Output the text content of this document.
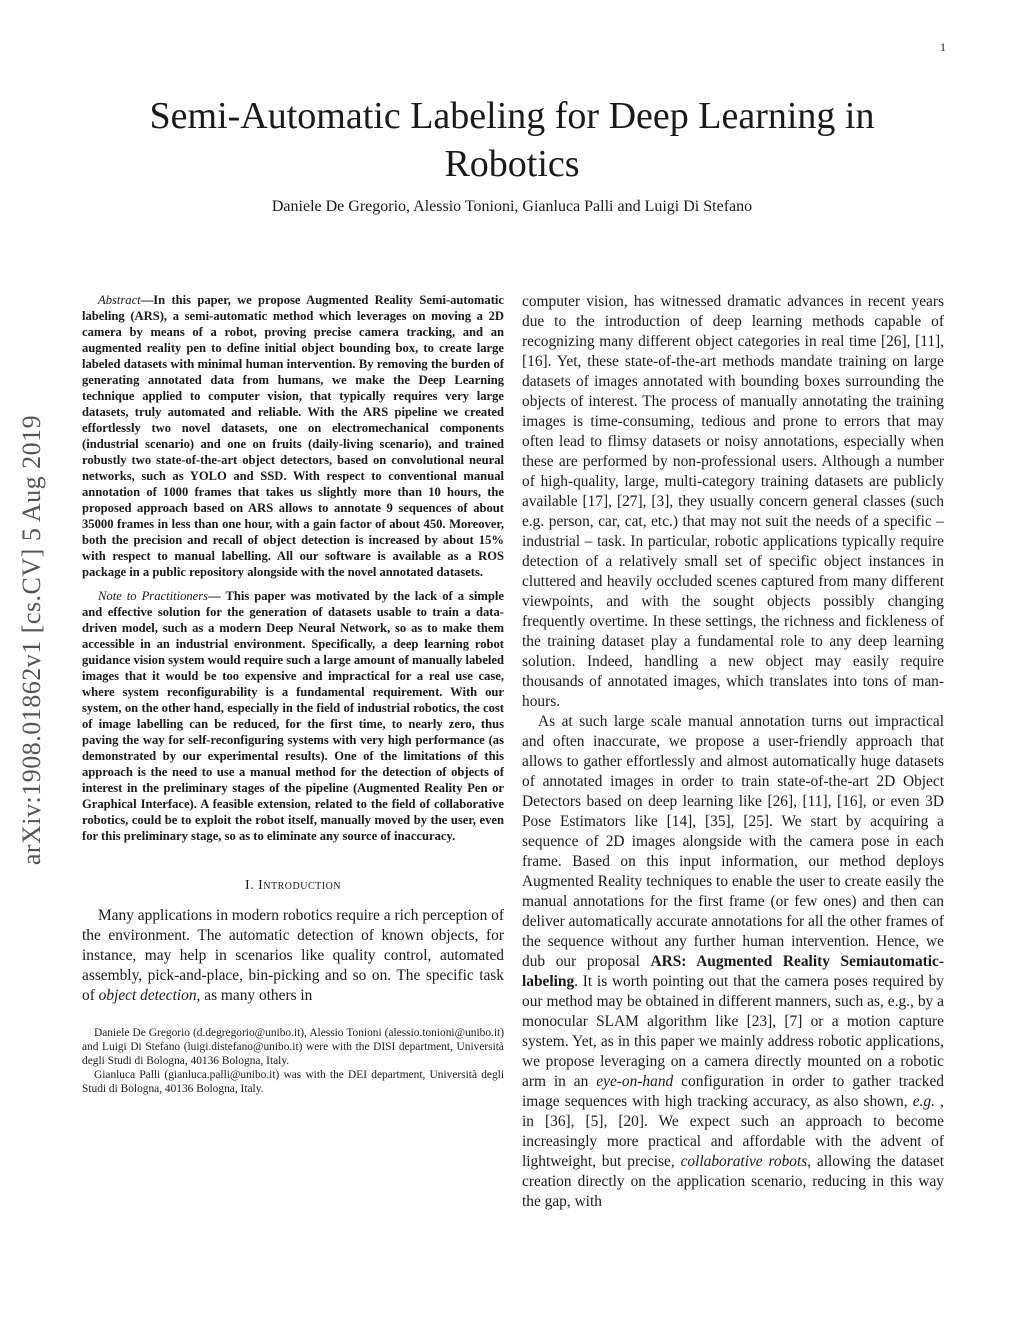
1
Semi-Automatic Labeling for Deep Learning in Robotics

Daniele De Gregorio, Alessio Tonioni, Gianluca Palli and Luigi Di Stefano

arXiv:1908.01862v1 [cs.CV] 5 Aug 2019

Abstract—In this paper, we propose Augmented Reality Semi-automatic labeling (ARS), a semi-automatic method which leverages on moving a 2D camera by means of a robot, proving precise camera tracking, and an augmented reality pen to define initial object bounding box, to create large labeled datasets with minimal human intervention. By removing the burden of generating annotated data from humans, we make the Deep Learning technique applied to computer vision, that typically requires very large datasets, truly automated and reliable. With the ARS pipeline we created effortlessly two novel datasets, one on electromechanical components (industrial scenario) and one on fruits (daily-living scenario), and trained robustly two state-of-the-art object detectors, based on convolutional neural networks, such as YOLO and SSD. With respect to conventional manual annotation of 1000 frames that takes us slightly more than 10 hours, the proposed approach based on ARS allows to annotate 9 sequences of about 35000 frames in less than one hour, with a gain factor of about 450. Moreover, both the precision and recall of object detection is increased by about 15% with respect to manual labelling. All our software is available as a ROS package in a public repository alongside with the novel annotated datasets.

Note to Practitioners— This paper was motivated by the lack of a simple and effective solution for the generation of datasets usable to train a data-driven model, such as a modern Deep Neural Network, so as to make them accessible in an industrial environment. Specifically, a deep learning robot guidance vision system would require such a large amount of manually labeled images that it would be too expensive and impractical for a real use case, where system reconfigurability is a fundamental requirement. With our system, on the other hand, especially in the field of industrial robotics, the cost of image labelling can be reduced, for the first time, to nearly zero, thus paving the way for self-reconfiguring systems with very high performance (as demonstrated by our experimental results). One of the limitations of this approach is the need to use a manual method for the detection of objects of interest in the preliminary stages of the pipeline (Augmented Reality Pen or Graphical Interface). A feasible extension, related to the field of collaborative robotics, could be to exploit the robot itself, manually moved by the user, even for this preliminary stage, so as to eliminate any source of inaccuracy.

I. Introduction

Many applications in modern robotics require a rich perception of the environment. The automatic detection of known objects, for instance, may help in scenarios like quality control, automated assembly, pick-and-place, bin-picking and so on. The specific task of object detection, as many others in

Daniele De Gregorio (d.degregorio@unibo.it), Alessio Tonioni (alessio.tonioni@unibo.it) and Luigi Di Stefano (luigi.distefano@unibo.it) were with the DISI department, Università degli Studi di Bologna, 40136 Bologna, Italy.

Gianluca Palli (gianluca.palli@unibo.it) was with the DEI department, Università degli Studi di Bologna, 40136 Bologna, Italy.

computer vision, has witnessed dramatic advances in recent years due to the introduction of deep learning methods capable of recognizing many different object categories in real time [26], [11], [16]. Yet, these state-of-the-art methods mandate training on large datasets of images annotated with bounding boxes surrounding the objects of interest. The process of manually annotating the training images is time-consuming, tedious and prone to errors that may often lead to flimsy datasets or noisy annotations, especially when these are performed by non-professional users. Although a number of high-quality, large, multi-category training datasets are publicly available [17], [27], [3], they usually concern general classes (such e.g. person, car, cat, etc.) that may not suit the needs of a specific – industrial – task. In particular, robotic applications typically require detection of a relatively small set of specific object instances in cluttered and heavily occluded scenes captured from many different viewpoints, and with the sought objects possibly changing frequently overtime. In these settings, the richness and fickleness of the training dataset play a fundamental role to any deep learning solution. Indeed, handling a new object may easily require thousands of annotated images, which translates into tons of man-hours.

As at such large scale manual annotation turns out impractical and often inaccurate, we propose a user-friendly approach that allows to gather effortlessly and almost automatically huge datasets of annotated images in order to train state-of-the-art 2D Object Detectors based on deep learning like [26], [11], [16], or even 3D Pose Estimators like [14], [35], [25]. We start by acquiring a sequence of 2D images alongside with the camera pose in each frame. Based on this input information, our method deploys Augmented Reality techniques to enable the user to create easily the manual annotations for the first frame (or few ones) and then can deliver automatically accurate annotations for all the other frames of the sequence without any further human intervention. Hence, we dub our proposal ARS: Augmented Reality Semiautomatic-labeling. It is worth pointing out that the camera poses required by our method may be obtained in different manners, such as, e.g., by a monocular SLAM algorithm like [23], [7] or a motion capture system. Yet, as in this paper we mainly address robotic applications, we propose leveraging on a camera directly mounted on a robotic arm in an eye-on-hand configuration in order to gather tracked image sequences with high tracking accuracy, as also shown, e.g. , in [36], [5], [20]. We expect such an approach to become increasingly more practical and affordable with the advent of lightweight, but precise, collaborative robots, allowing the dataset creation directly on the application scenario, reducing in this way the gap, with
